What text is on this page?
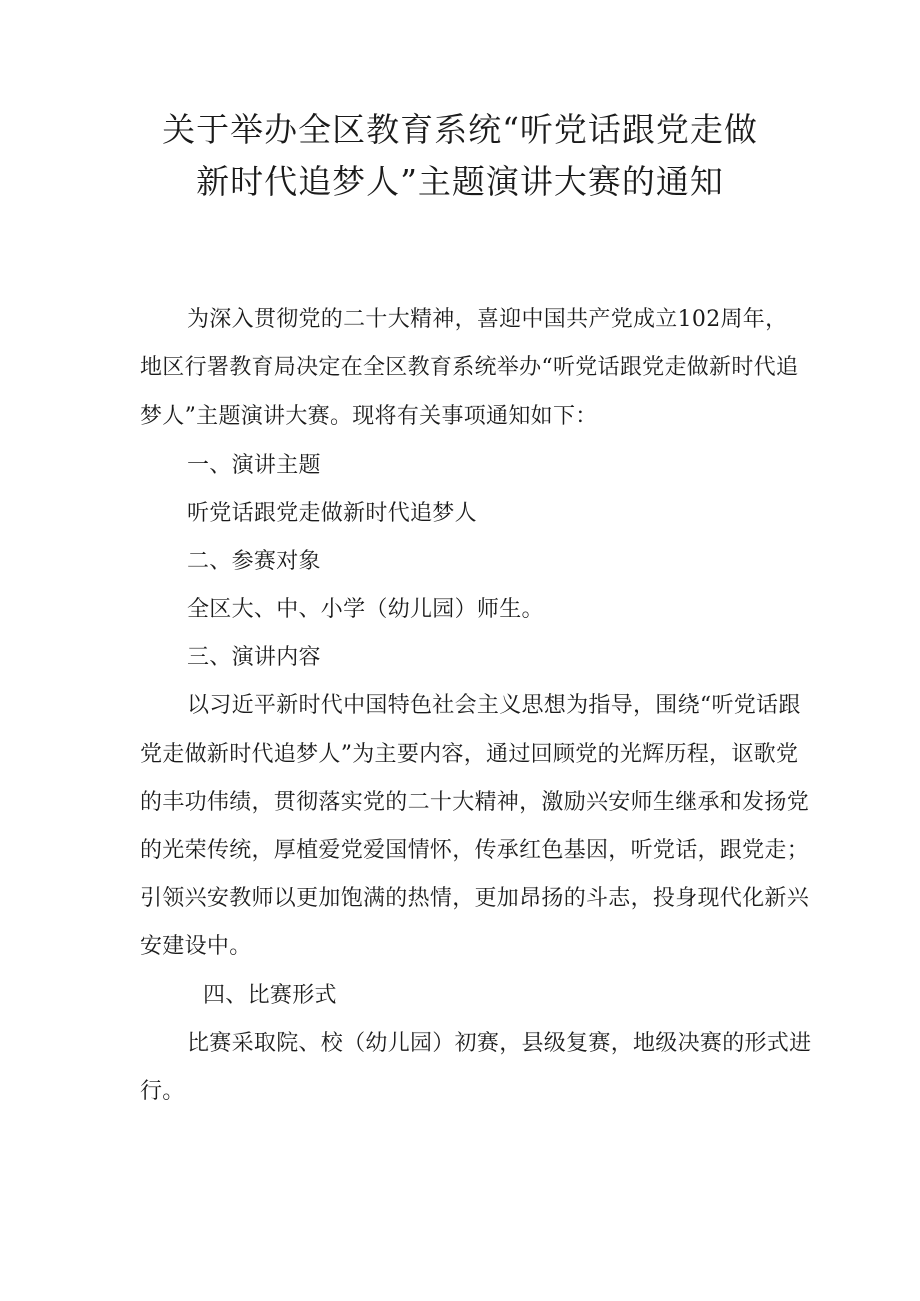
关于举办全区教育系统“听党话跟党走做
新时代追梦人”主题演讲大赛的通知
为深入贯彻党的二十大精神，喜迎中国共产党成立102周年，
地区行署教育局决定在全区教育系统举办“听党话跟党走做新时代追
梦人”主题演讲大赛。现将有关事项通知如下：
一、演讲主题
听党话跟党走做新时代追梦人
二、参赛对象
全区大、中、小学（幼儿园）师生。
三、演讲内容
以习近平新时代中国特色社会主义思想为指导，围绕“听党话跟
党走做新时代追梦人”为主要内容，通过回顾党的光辉历程，讴歌党
的丰功伟绩，贯彻落实党的二十大精神，激励兴安师生继承和发扬党
的光荣传统，厚植爱党爱国情怀，传承红色基因，听党话，跟党走；
引领兴安教师以更加饱满的热情，更加昂扬的斗志，投身现代化新兴
安建设中。
四、比赛形式
比赛采取院、校（幼儿园）初赛，县级复赛，地级决赛的形式进
行。
